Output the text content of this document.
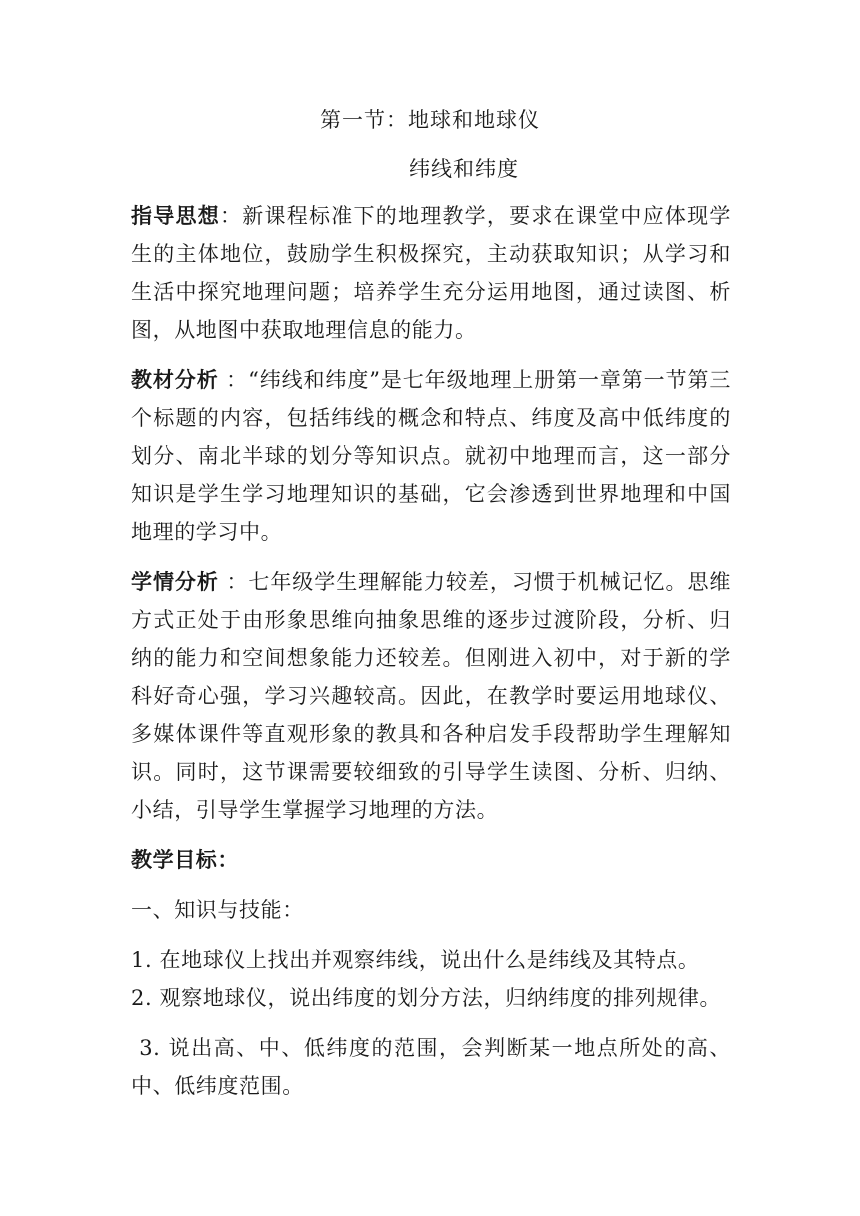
第一节：地球和地球仪
纬线和纬度

指导思想：新课程标准下的地理教学，要求在课堂中应体现学生的主体地位，鼓励学生积极探究，主动获取知识；从学习和生活中探究地理问题；培养学生充分运用地图，通过读图、析图，从地图中获取地理信息的能力。

教材分析 ：“纬线和纬度”是七年级地理上册第一章第一节第三个标题的内容，包括纬线的概念和特点、纬度及高中低纬度的划分、南北半球的划分等知识点。就初中地理而言，这一部分知识是学生学习地理知识的基础，它会渗透到世界地理和中国地理的学习中。

学情分析 ：七年级学生理解能力较差，习惯于机械记忆。思维方式正处于由形象思维向抽象思维的逐步过渡阶段，分析、归纳的能力和空间想象能力还较差。但刚进入初中，对于新的学科好奇心强，学习兴趣较高。因此，在教学时要运用地球仪、多媒体课件等直观形象的教具和各种启发手段帮助学生理解知识。同时，这节课需要较细致的引导学生读图、分析、归纳、小结，引导学生掌握学习地理的方法。

教学目标：

一、知识与技能：

1. 在地球仪上找出并观察纬线，说出什么是纬线及其特点。

2. 观察地球仪，说出纬度的划分方法，归纳纬度的排列规律。

3. 说出高、中、低纬度的范围，会判断某一地点所处的高、中、低纬度范围。
